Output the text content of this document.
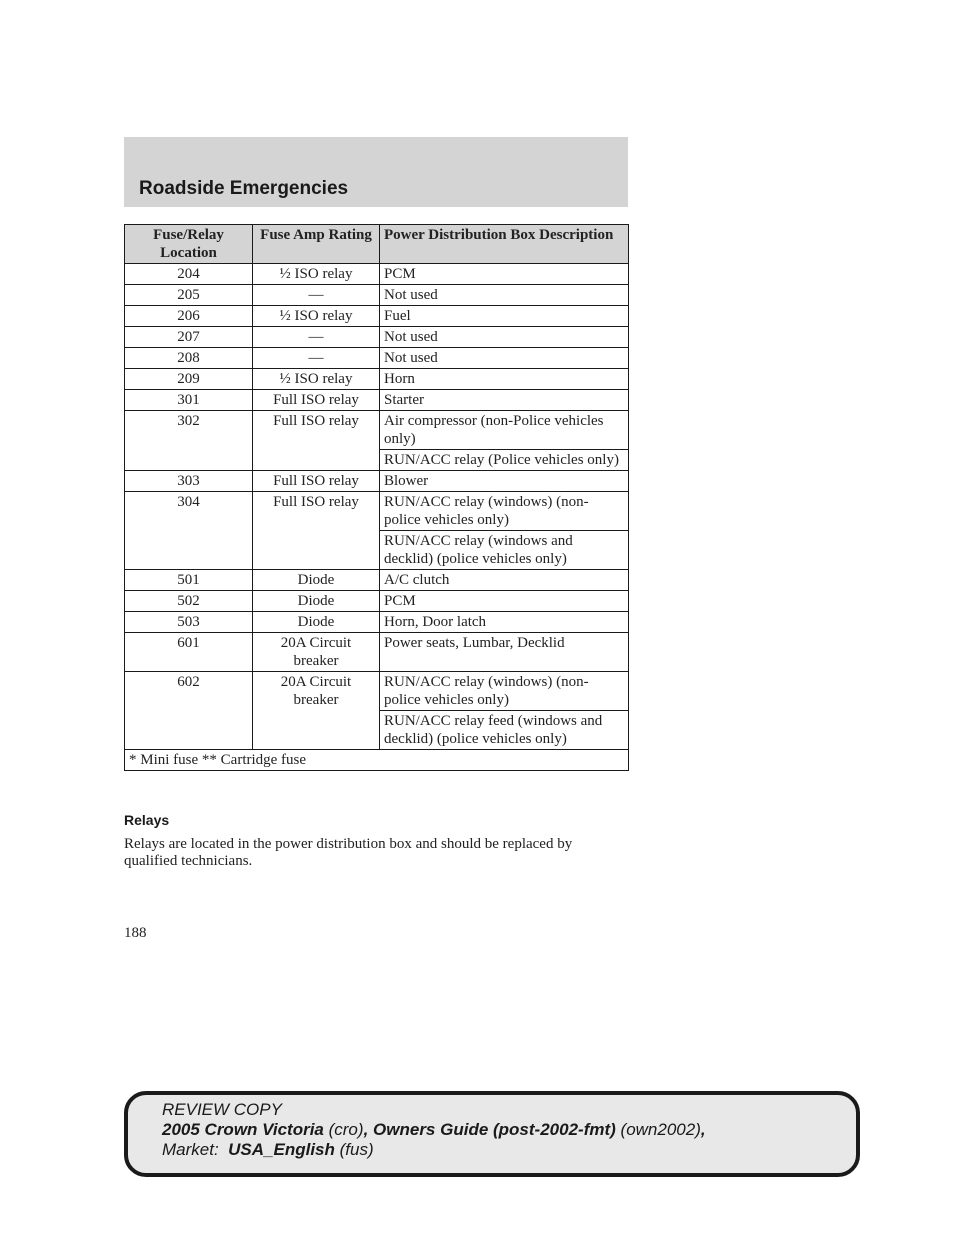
Roadside Emergencies
Fuse/Relay Location	Fuse Amp Rating	Power Distribution Box Description
204	½ ISO relay	PCM
205	—	Not used
206	½ ISO relay	Fuel
207	—	Not used
208	—	Not used
209	½ ISO relay	Horn
301	Full ISO relay	Starter
302	Full ISO relay	Air compressor (non-Police vehicles only)
		RUN/ACC relay (Police vehicles only)
303	Full ISO relay	Blower
304	Full ISO relay	RUN/ACC relay (windows) (non-police vehicles only)
		RUN/ACC relay (windows and decklid) (police vehicles only)
501	Diode	A/C clutch
502	Diode	PCM
503	Diode	Horn, Door latch
601	20A Circuit breaker	Power seats, Lumbar, Decklid
602	20A Circuit breaker	RUN/ACC relay (windows) (non-police vehicles only)
		RUN/ACC relay feed (windows and decklid) (police vehicles only)
* Mini fuse ** Cartridge fuse		
Relays

Relays are located in the power distribution box and should be replaced by qualified technicians.

188
REVIEW COPY
2005 Crown Victoria (cro), Owners Guide (post-2002-fmt) (own2002),
Market: USA_English (fus)
